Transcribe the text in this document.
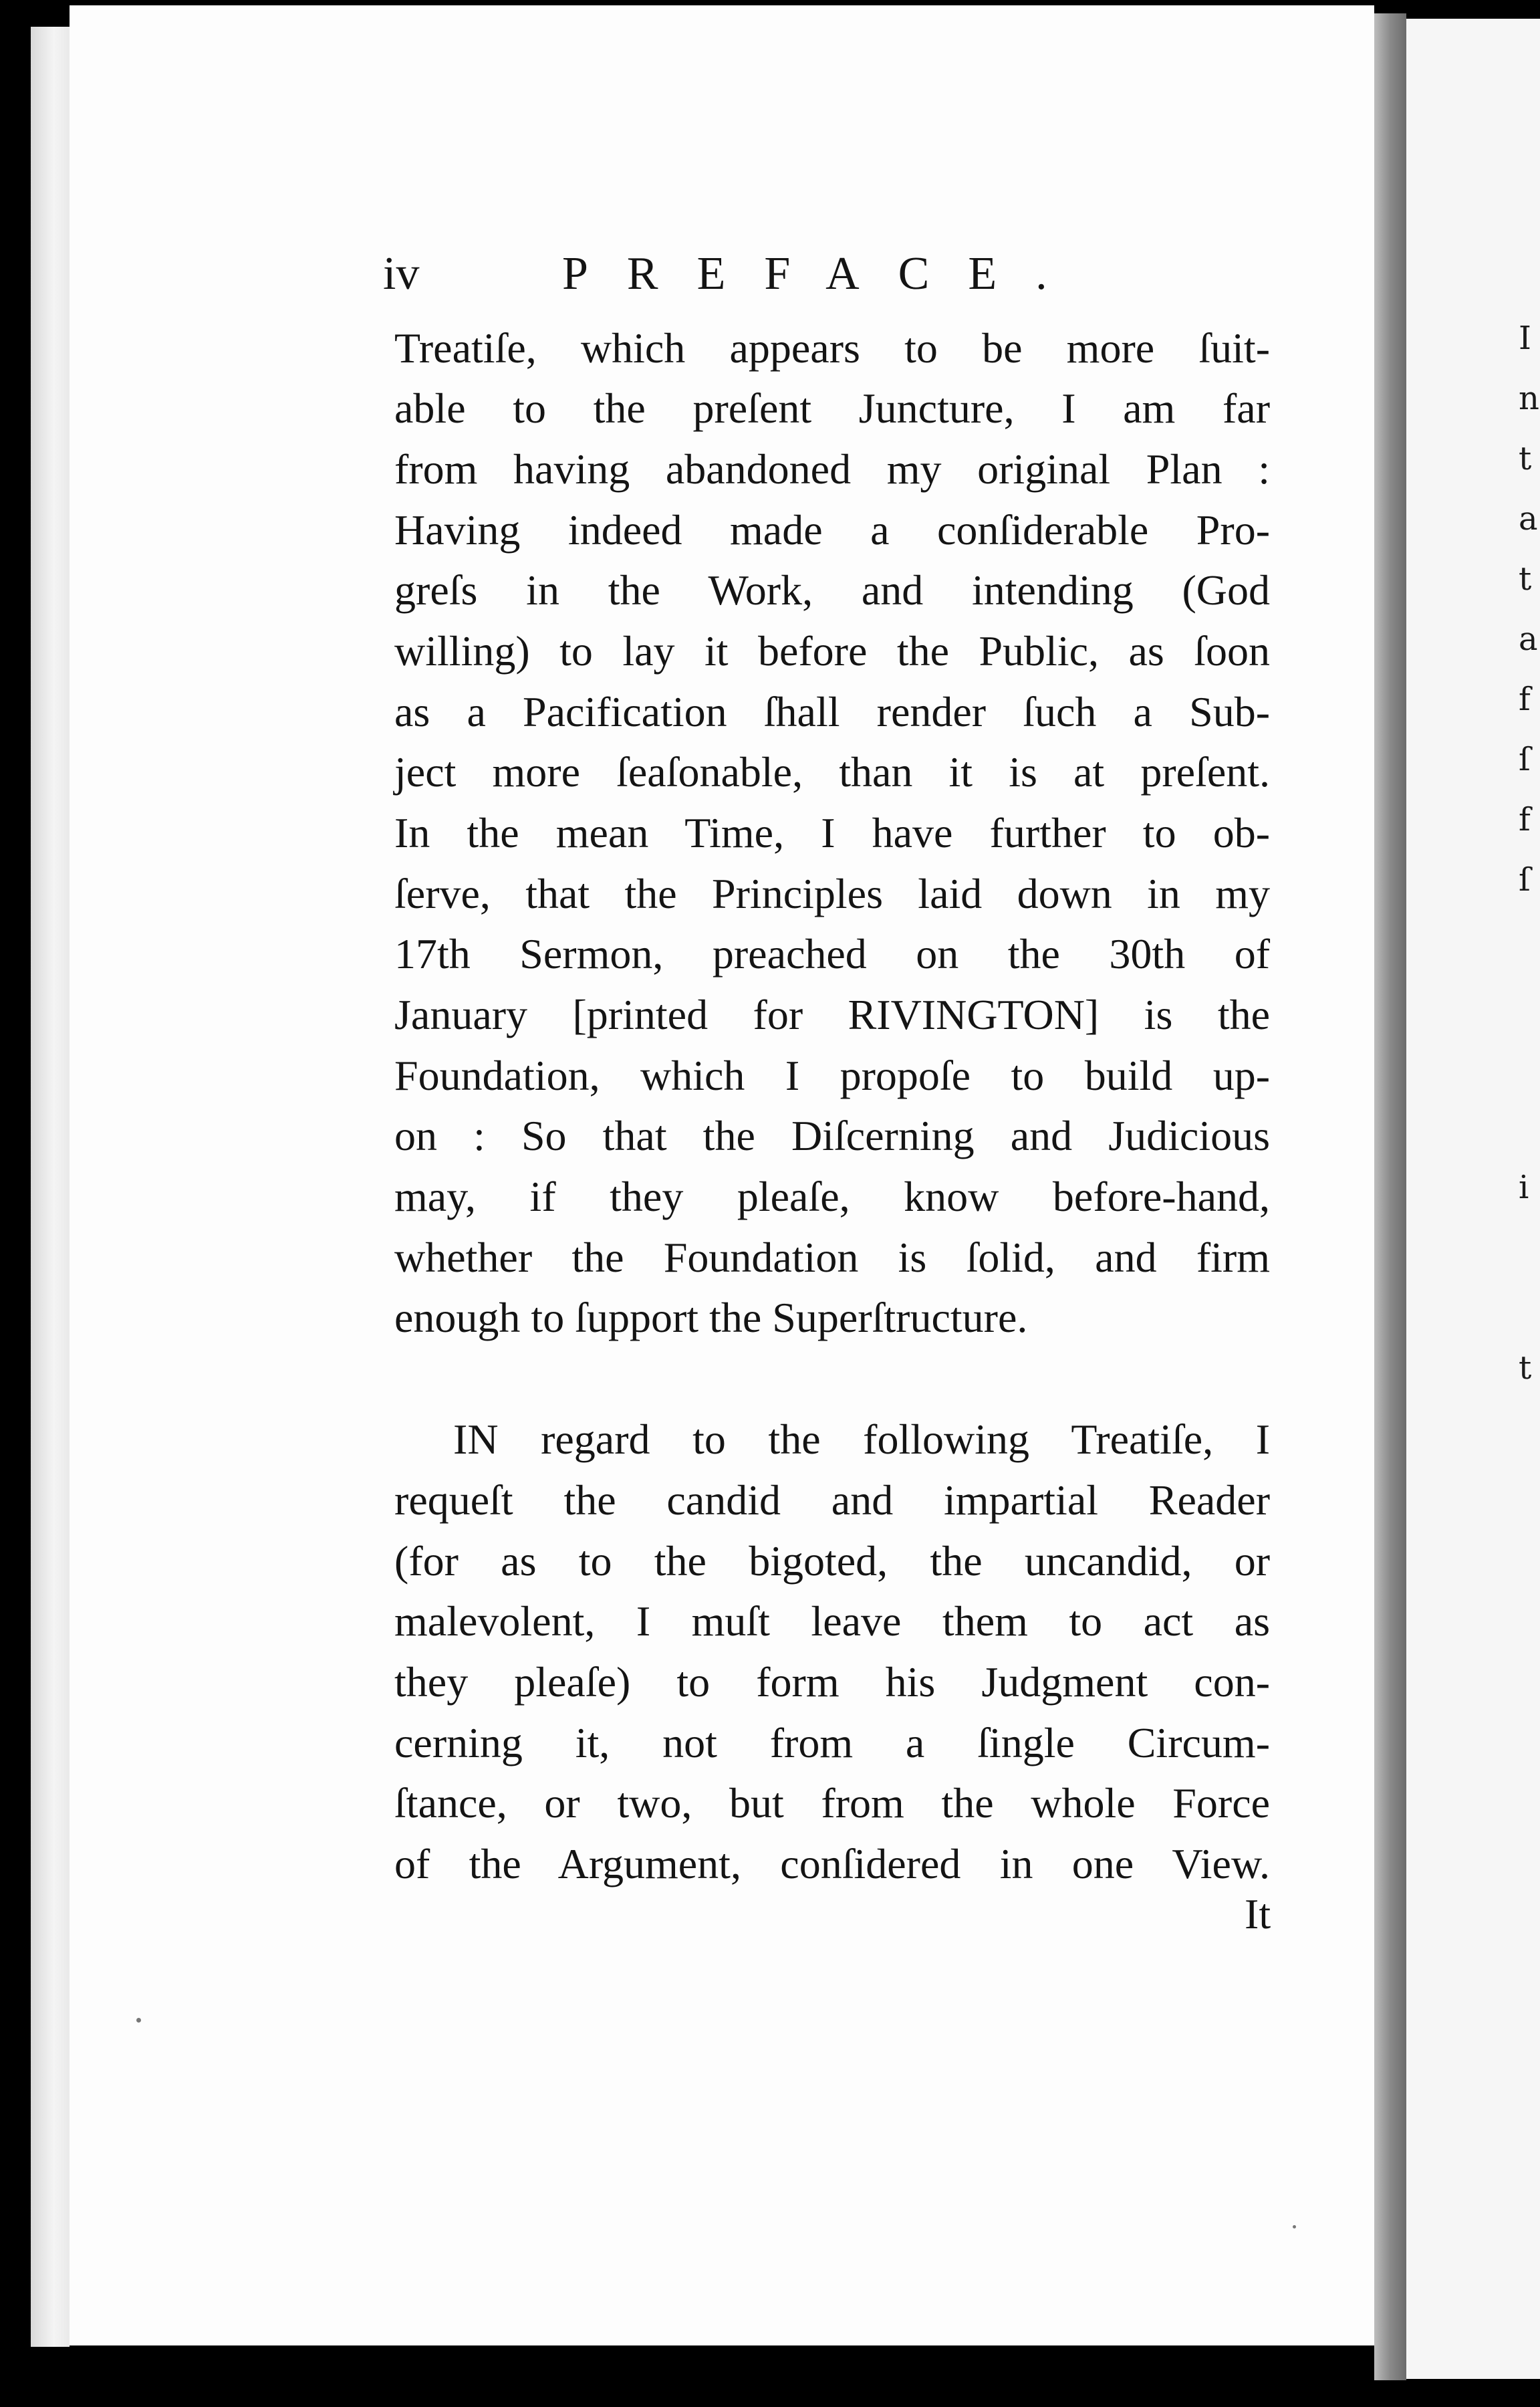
I
n
t
a
t
a
f
ſ
f
ſ
i
t
iv	PREFACE.
Treatiſe, which appears to be more ſuit-
able to the preſent Juncture, I am far
from having abandoned my original Plan :
Having indeed made a conſiderable Pro-
greſs in the Work, and intending (God
willing) to lay it before the Public, as ſoon
as a Pacification ſhall render ſuch a Sub-
ject more ſeaſonable, than it is at preſent.
In the mean Time, I have further to ob-
ſerve, that the Principles laid down in my
17th Sermon, preached on the 30th of
January [printed for RIVINGTON] is the
Foundation, which I propoſe to build up-
on : So that the Diſcerning and Judicious
may, if they pleaſe, know before-hand,
whether the Foundation is ſolid, and firm
enough to ſupport the Superſtructure.
IN regard to the following Treatiſe, I
requeſt the candid and impartial Reader
(for as to the bigoted, the uncandid, or
malevolent, I muſt leave them to act as
they pleaſe) to form his Judgment con-
cerning it, not from a ſingle Circum-
ſtance, or two, but from the whole Force
of the Argument, conſidered in one View.
It
